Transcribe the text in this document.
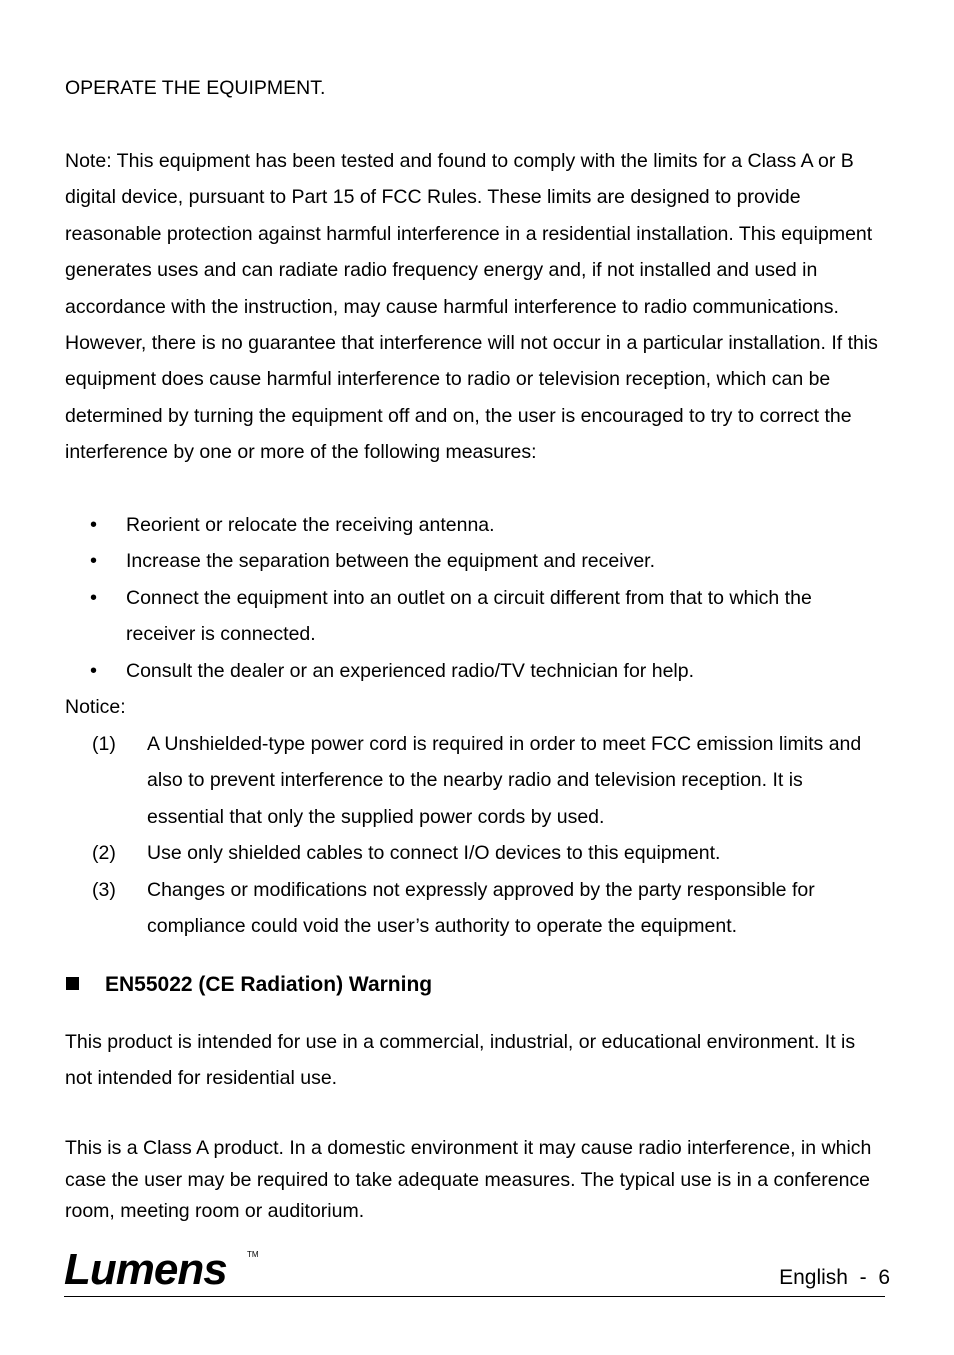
OPERATE THE EQUIPMENT.

Note: This equipment has been tested and found to comply with the limits for a Class A or B digital device, pursuant to Part 15 of FCC Rules. These limits are designed to provide reasonable protection against harmful interference in a residential installation. This equipment generates uses and can radiate radio frequency energy and, if not installed and used in accordance with the instruction, may cause harmful interference to radio communications. However, there is no guarantee that interference will not occur in a particular installation. If this equipment does cause harmful interference to radio or television reception, which can be determined by turning the equipment off and on, the user is encouraged to try to correct the interference by one or more of the following measures:

• Reorient or relocate the receiving antenna.
• Increase the separation between the equipment and receiver.
• Connect the equipment into an outlet on a circuit different from that to which the receiver is connected.
• Consult the dealer or an experienced radio/TV technician for help.

Notice:

(1) A Unshielded-type power cord is required in order to meet FCC emission limits and also to prevent interference to the nearby radio and television reception. It is essential that only the supplied power cords by used.
(2) Use only shielded cables to connect I/O devices to this equipment.
(3) Changes or modifications not expressly approved by the party responsible for compliance could void the user’s authority to operate the equipment.
EN55022 (CE Radiation) Warning

This product is intended for use in a commercial, industrial, or educational environment. It is not intended for residential use.

This is a Class A product. In a domestic environment it may cause radio interference, in which case the user may be required to take adequate measures. The typical use is in a conference room, meeting room or auditorium.

Lumens	TM
English  -  6
